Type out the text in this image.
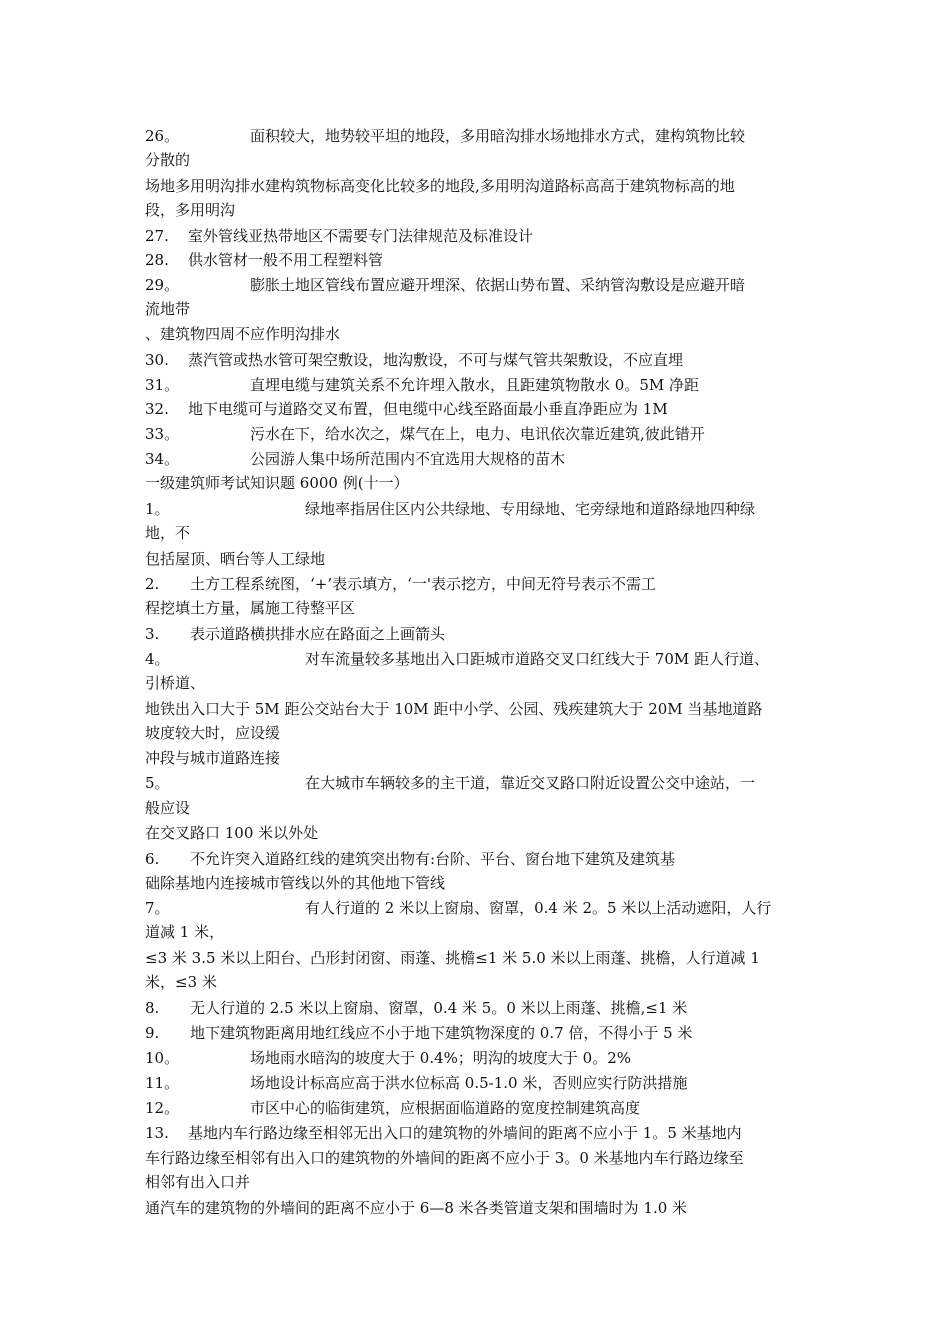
26。	面积较大，地势较平坦的地段，多用暗沟排水场地排水方式，建构筑物比较
分散的
场地多用明沟排水建构筑物标高变化比较多的地段,多用明沟道路标高高于建筑物标高的地
段，多用明沟
27. 室外管线亚热带地区不需要专门法律规范及标准设计
28. 供水管材一般不用工程塑料管
29。	膨胀土地区管线布置应避开埋深、依据山势布置、采纳管沟敷设是应避开暗
流地带
、建筑物四周不应作明沟排水
30. 蒸汽管或热水管可架空敷设，地沟敷设，不可与煤气管共架敷设，不应直埋
31。	直埋电缆与建筑关系不允许埋入散水，且距建筑物散水 0。5M 净距
32. 地下电缆可与道路交叉布置，但电缆中心线至路面最小垂直净距应为 1M
33。	污水在下，给水次之，煤气在上，电力、电讯依次靠近建筑,彼此错开
34。	公园游人集中场所范围内不宜选用大规格的苗木
一级建筑师考试知识题 6000 例(十一）
1。	绿地率指居住区内公共绿地、专用绿地、宅旁绿地和道路绿地四种绿
地，不
包括屋顶、晒台等人工绿地
2. 土方工程系统图，‘+’表示填方，‘一'表示挖方，中间无符号表示不需工
程挖填土方量，属施工待整平区
3. 表示道路横拱排水应在路面之上画箭头
4。	对车流量较多基地出入口距城市道路交叉口红线大于 70M 距人行道、
引桥道、
地铁出入口大于 5M 距公交站台大于 10M 距中小学、公园、残疾建筑大于 20M 当基地道路
坡度较大时，应设缓
冲段与城市道路连接
5。	在大城市车辆较多的主干道，靠近交叉路口附近设置公交中途站，一
般应设
在交叉路口 100 米以外处
6. 不允许突入道路红线的建筑突出物有:台阶、平台、窗台地下建筑及建筑基
础除基地内连接城市管线以外的其他地下管线
7。	有人行道的 2 米以上窗扇、窗罩，0.4 米 2。5 米以上活动遮阳，人行
道减 1 米，
≤3 米 3.5 米以上阳台、凸形封闭窗、雨蓬、挑檐≤1 米 5.0 米以上雨蓬、挑檐，人行道减 1
米，≤3 米
8. 无人行道的 2.5 米以上窗扇、窗罩，0.4 米 5。0 米以上雨蓬、挑檐,≤1 米
9. 地下建筑物距离用地红线应不小于地下建筑物深度的 0.7 倍，不得小于 5 米
10。	场地雨水暗沟的坡度大于 0.4%；明沟的坡度大于 0。2%
11。	场地设计标高应高于洪水位标高 0.5-1.0 米，否则应实行防洪措施
12。	市区中心的临街建筑，应根据面临道路的宽度控制建筑高度
13. 基地内车行路边缘至相邻无出入口的建筑物的外墙间的距离不应小于 1。5 米基地内
车行路边缘至相邻有出入口的建筑物的外墙间的距离不应小于 3。0 米基地内车行路边缘至
相邻有出入口并
通汽车的建筑物的外墙间的距离不应小于 6—8 米各类管道支架和围墙时为 1.0 米
